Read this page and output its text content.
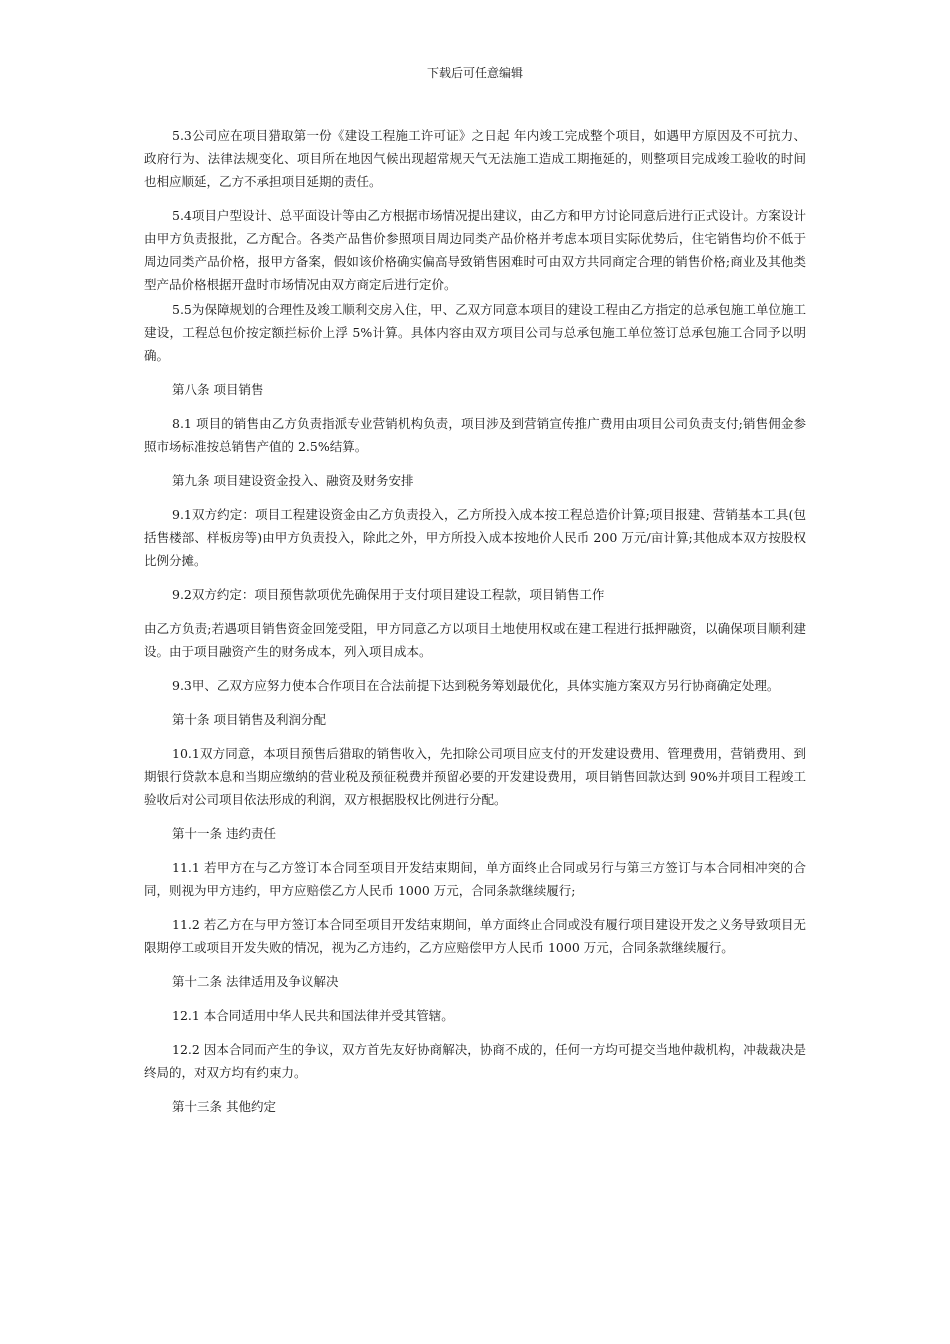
下载后可任意编辑

5.3公司应在项目猎取第一份《建设工程施工许可证》之日起 年内竣工完成整个项目，如遇甲方原因及不可抗力、政府行为、法律法规变化、项目所在地因气候出现超常规天气无法施工造成工期拖延的，则整项目完成竣工验收的时间也相应顺延，乙方不承担项目延期的责任。

5.4项目户型设计、总平面设计等由乙方根据市场情况提出建议，由乙方和甲方讨论同意后进行正式设计。方案设计由甲方负责报批，乙方配合。各类产品售价参照项目周边同类产品价格并考虑本项目实际优势后，住宅销售均价不低于周边同类产品价格，报甲方备案，假如该价格确实偏高导致销售困难时可由双方共同商定合理的销售价格;商业及其他类型产品价格根据开盘时市场情况由双方商定后进行定价。

5.5为保障规划的合理性及竣工顺利交房入住，甲、乙双方同意本项目的建设工程由乙方指定的总承包施工单位施工建设，工程总包价按定额拦标价上浮 5%计算。具体内容由双方项目公司与总承包施工单位签订总承包施工合同予以明确。

第八条 项目销售

8.1 项目的销售由乙方负责指派专业营销机构负责，项目涉及到营销宣传推广费用由项目公司负责支付;销售佣金参照市场标准按总销售产值的 2.5%结算。

第九条 项目建设资金投入、融资及财务安排

9.1双方约定：项目工程建设资金由乙方负责投入，乙方所投入成本按工程总造价计算;项目报建、营销基本工具(包括售楼部、样板房等)由甲方负责投入，除此之外，甲方所投入成本按地价人民币 200 万元/亩计算;其他成本双方按股权比例分摊。

9.2双方约定：项目预售款项优先确保用于支付项目建设工程款，项目销售工作

由乙方负责;若遇项目销售资金回笼受阻，甲方同意乙方以项目土地使用权或在建工程进行抵押融资，以确保项目顺利建设。由于项目融资产生的财务成本，列入项目成本。

9.3甲、乙双方应努力使本合作项目在合法前提下达到税务筹划最优化，具体实施方案双方另行协商确定处理。

第十条 项目销售及利润分配

10.1双方同意，本项目预售后猎取的销售收入，先扣除公司项目应支付的开发建设费用、管理费用，营销费用、到期银行贷款本息和当期应缴纳的营业税及预征税费并预留必要的开发建设费用，项目销售回款达到 90%并项目工程竣工验收后对公司项目依法形成的利润，双方根据股权比例进行分配。

第十一条 违约责任

11.1 若甲方在与乙方签订本合同至项目开发结束期间，单方面终止合同或另行与第三方签订与本合同相冲突的合同，则视为甲方违约，甲方应赔偿乙方人民币 1000 万元，合同条款继续履行;

11.2 若乙方在与甲方签订本合同至项目开发结束期间，单方面终止合同或没有履行项目建设开发之义务导致项目无限期停工或项目开发失败的情况，视为乙方违约，乙方应赔偿甲方人民币 1000 万元，合同条款继续履行。

第十二条 法律适用及争议解决

12.1 本合同适用中华人民共和国法律并受其管辖。

12.2 因本合同而产生的争议，双方首先友好协商解决，协商不成的，任何一方均可提交当地仲裁机构，冲裁裁决是终局的，对双方均有约束力。

第十三条 其他约定
